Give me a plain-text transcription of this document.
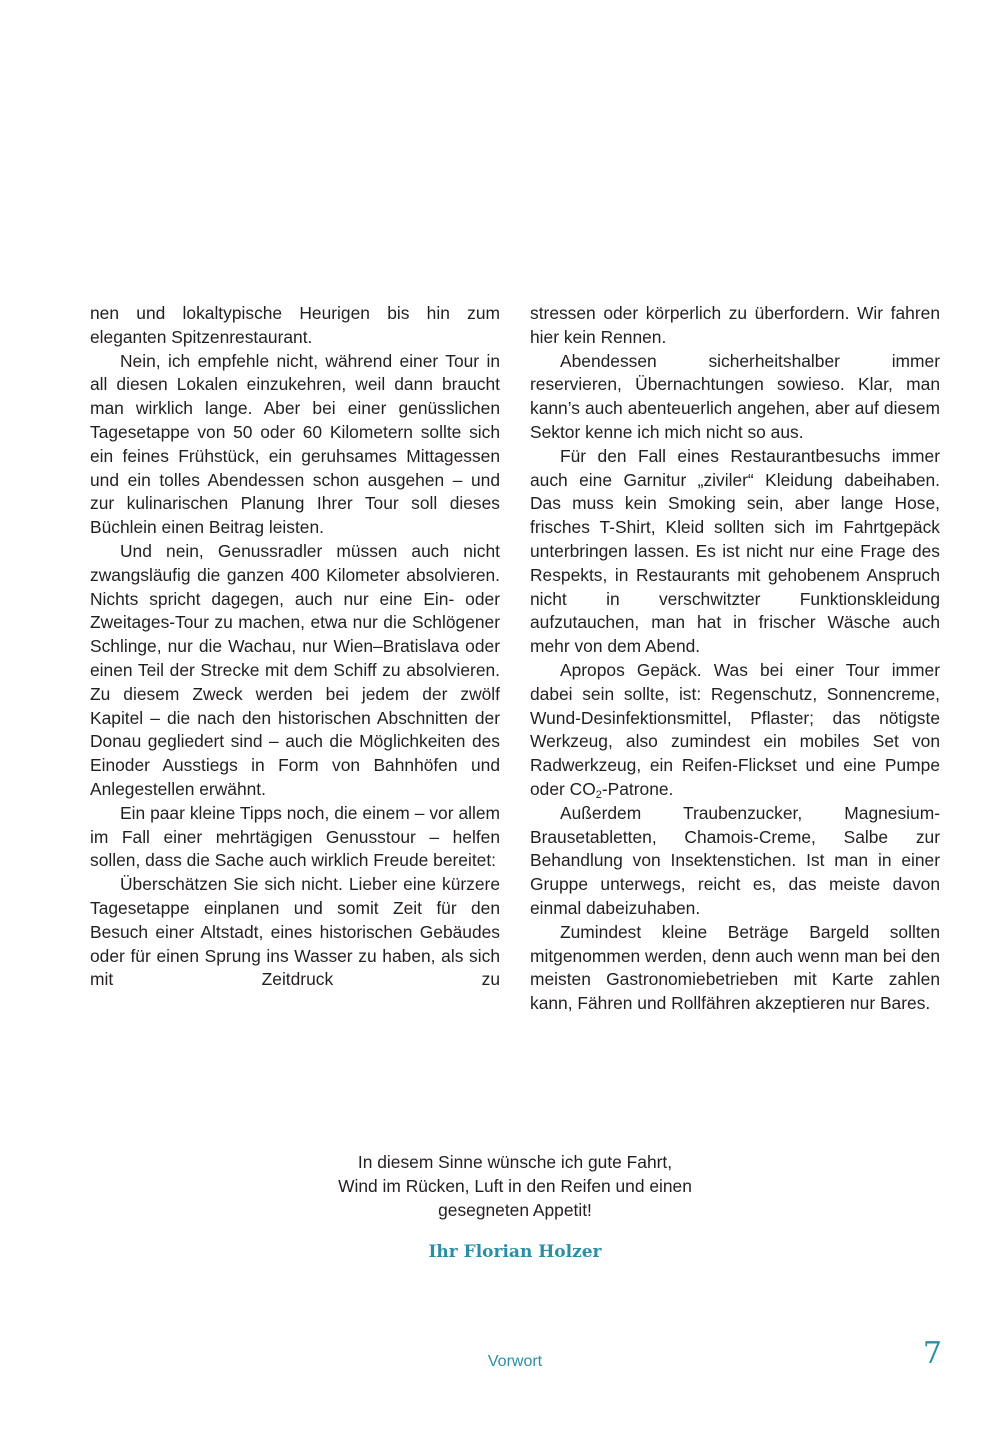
nen und lokaltypische Heurigen bis hin zum eleganten Spitzenrestaurant.

Nein, ich empfehle nicht, während einer Tour in all diesen Lokalen einzukehren, weil dann braucht man wirklich lange. Aber bei einer genüsslichen Tagesetappe von 50 oder 60 Kilometern sollte sich ein feines Frühstück, ein geruhsames Mittagessen und ein tolles Abendessen schon ausgehen – und zur kulinarischen Planung Ihrer Tour soll dieses Büchlein einen Beitrag leisten.

Und nein, Genussradler müssen auch nicht zwangsläufig die ganzen 400 Kilometer absolvieren. Nichts spricht dagegen, auch nur eine Ein- oder Zweitages-Tour zu machen, etwa nur die Schlögener Schlinge, nur die Wachau, nur Wien–Bratislava oder einen Teil der Strecke mit dem Schiff zu absolvieren. Zu diesem Zweck werden bei jedem der zwölf Kapitel – die nach den historischen Abschnitten der Donau gegliedert sind – auch die Möglichkeiten des Einoder Ausstiegs in Form von Bahnhöfen und Anlegestellen erwähnt.

Ein paar kleine Tipps noch, die einem – vor allem im Fall einer mehrtägigen Genusstour – helfen sollen, dass die Sache auch wirklich Freude bereitet:

Überschätzen Sie sich nicht. Lieber eine kürzere Tagesetappe einplanen und somit Zeit für den Besuch einer Altstadt, eines historischen Gebäudes oder für einen Sprung ins Wasser zu haben, als sich mit Zeitdruck zu

stressen oder körperlich zu überfordern. Wir fahren hier kein Rennen.

Abendessen sicherheitshalber immer reservieren, Übernachtungen sowieso. Klar, man kann’s auch abenteuerlich angehen, aber auf diesem Sektor kenne ich mich nicht so aus.

Für den Fall eines Restaurantbesuchs immer auch eine Garnitur „ziviler“ Kleidung dabeihaben. Das muss kein Smoking sein, aber lange Hose, frisches T-Shirt, Kleid sollten sich im Fahrtgepäck unterbringen lassen. Es ist nicht nur eine Frage des Respekts, in Restaurants mit gehobenem Anspruch nicht in verschwitzter Funktionskleidung aufzutauchen, man hat in frischer Wäsche auch mehr von dem Abend.

Apropos Gepäck. Was bei einer Tour immer dabei sein sollte, ist: Regenschutz, Sonnencreme, Wund-Desinfektionsmittel, Pflaster; das nötigste Werkzeug, also zumindest ein mobiles Set von Radwerkzeug, ein Reifen-Flickset und eine Pumpe oder $CO_2$-Patrone.

Außerdem Traubenzucker, Magnesium-Brausetabletten, Chamois-Creme, Salbe zur Behandlung von Insektenstichen. Ist man in einer Gruppe unterwegs, reicht es, das meiste davon einmal dabeizuhaben.

Zumindest kleine Beträge Bargeld sollten mitgenommen werden, denn auch wenn man bei den meisten Gastronomiebetrieben mit Karte zahlen kann, Fähren und Rollfähren akzeptieren nur Bares.

In diesem Sinne wünsche ich gute Fahrt,
Wind im Rücken, Luft in den Reifen und einen
gesegneten Appetit!
Ihr Florian Holzer
Vorwort	7
